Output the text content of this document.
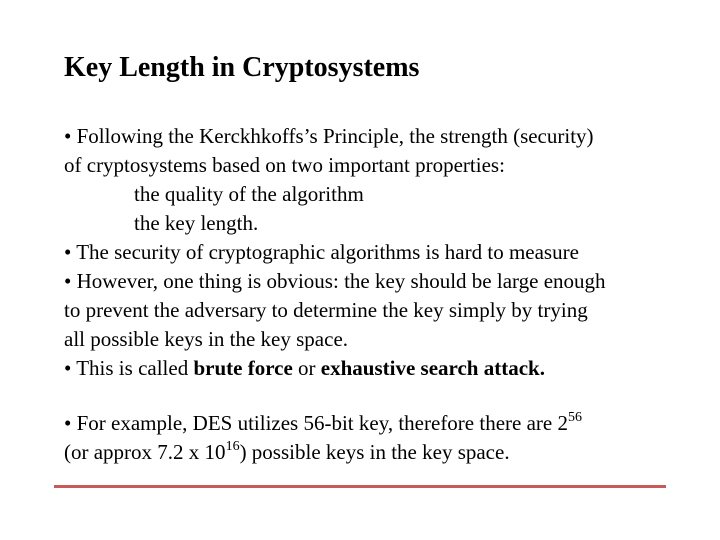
Key Length in Cryptosystems
• Following the Kerckhkoffs’s Principle, the strength (security)
of cryptosystems based on two important properties:
the quality of the algorithm
the key length.
• The security of cryptographic algorithms is hard to measure
• However, one thing is obvious: the key should be large enough
to prevent the adversary to determine the key simply by trying
all possible keys in the key space.
• This is called brute force or exhaustive search attack.
• For example, DES utilizes 56-bit key, therefore there are $2^{56}$
(or approx 7.2 x $10^{16}$) possible keys in the key space.
